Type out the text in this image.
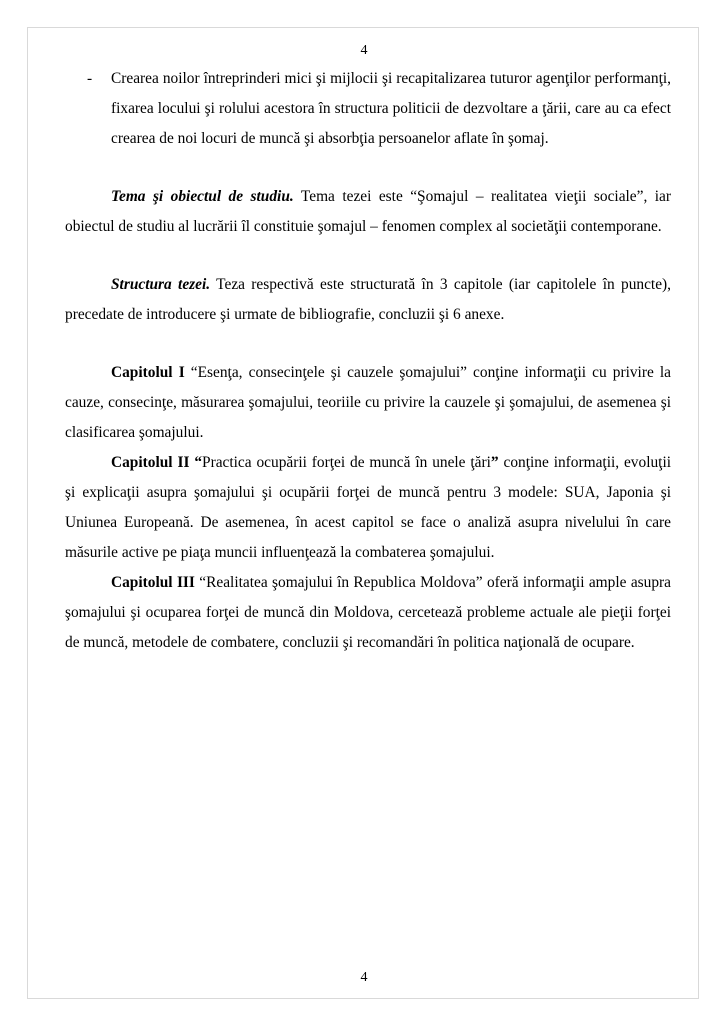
4
- Crearea noilor întreprinderi mici şi mijlocii şi recapitalizarea tuturor agenţilor performanţi, fixarea locului şi rolului acestora în structura politicii de dezvoltare a ţării, care au ca efect crearea de noi locuri de muncă şi absorbţia persoanelor aflate în şomaj.
Tema şi obiectul de studiu. Tema tezei este “Şomajul – realitatea vieţii sociale”, iar obiectul de studiu al lucrării îl constituie şomajul – fenomen complex al societăţii contemporane.
Structura tezei. Teza respectivă este structurată în 3 capitole (iar capitolele în puncte), precedate de introducere şi urmate de bibliografie, concluzii şi 6 anexe.
Capitolul I “Esenţa, consecinţele şi cauzele şomajului” conţine informaţii cu privire la cauze, consecinţe, măsurarea şomajului, teoriile cu privire la cauzele şi şomajului, de asemenea şi clasificarea şomajului.
Capitolul II “Practica ocupării forţei de muncă în unele ţări” conţine informaţii, evoluţii şi explicaţii asupra şomajului şi ocupării forţei de muncă pentru 3 modele: SUA, Japonia şi Uniunea Europeană. De asemenea, în acest capitol se face o analiză asupra nivelului în care măsurile active pe piaţa muncii influenţează la combaterea şomajului.
Capitolul III “Realitatea şomajului în Republica Moldova” oferă informaţii ample asupra şomajului şi ocuparea forţei de muncă din Moldova, cercetează probleme actuale ale pieţii forţei de muncă, metodele de combatere, concluzii şi recomandări în politica naţională de ocupare.
4
